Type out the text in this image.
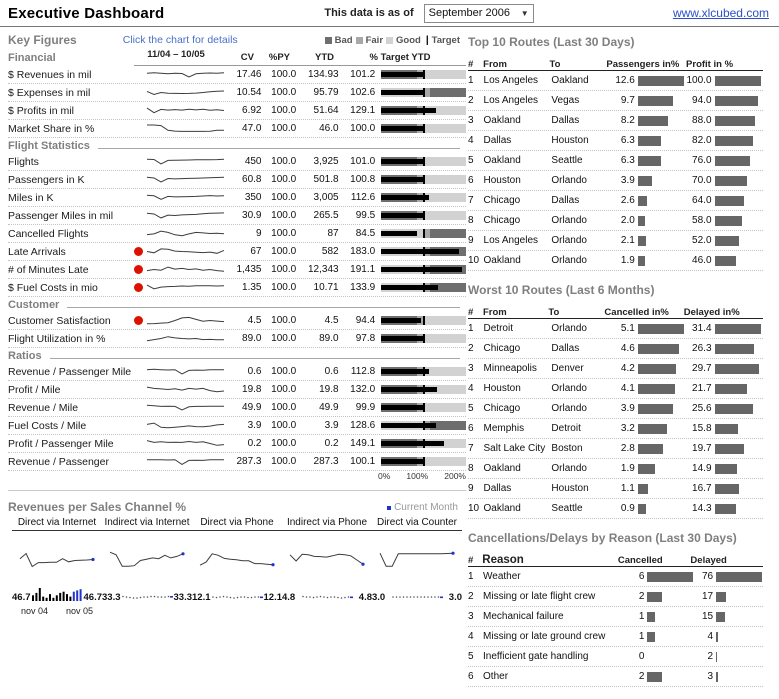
Executive Dashboard	This data is as of September 2006 ▼	www.xlcubed.com
Key Figures	Click the chart for details	Bad Fair Good | Target
Financial	11/04 – 10/05	CV	%PY	YTD	% Target YTD
$ Revenues in mil	17.46 100.0	134.93	101.2
$ Expenses in mil	10.54 100.0	95.79	102.6
$ Profits in mil	6.92 100.0	51.64	129.1
Market Share in %	47.0 100.0	46.0	100.0
Flight Statistics
Flights	450 100.0	3,925	101.0
Passengers in K	60.8 100.0	501.8	100.8
Miles in K	350 100.0	3,005	112.6
Passenger Miles in mil	30.9 100.0	265.5	99.5
Cancelled Flights	9 100.0	87	84.5
Late Arrivals	67 100.0	582	183.0
# of Minutes Late	1,435 100.0	12,343	191.1
$ Fuel Costs in mio	1.35 100.0	10.71	133.9
Customer
Customer Satisfaction	4.5 100.0	4.5	94.4
Flight Utilization in %	89.0 100.0	89.0	97.8
Ratios
Revenue / Passenger Mile	0.6 100.0	0.6	112.8
Profit / Mile	19.8 100.0	19.8	132.0
Revenue / Mile	49.9 100.0	49.9	99.9
Fuel Costs / Mile	3.9 100.0	3.9	128.6
Profit / Passenger Mile	0.2 100.0	0.2	149.1
Revenue / Passenger	287.3 100.0	287.3	100.1
0% 100% 200%
Revenues per Sales Channel %	Current Month
Direct via Internet Indirect via Internet	Direct via Phone	Indirect via Phone Direct via Counter
46.7	46.7
nov 04 nov 05
33.3	33.3 12.1	12.1 4.8	4.8 3.0	3.0
Top 10 Routes (Last 30 Days)
#	From	To	Passengers in% Profit in %
1 Los Angeles	Oakland	12.6	100.0
2 Los Angeles	Vegas	9.7	94.0
3 Oakland	Dallas	8.2	88.0
4 Dallas	Houston	6.3	82.0
5 Oakland	Seattle	6.3	76.0
6 Houston	Orlando	3.9	70.0
7 Chicago	Dallas	2.6	64.0
8 Chicago	Orlando	2.0	58.0
9 Los Angeles	Orlando	2.1	52.0
10 Oakland	Orlando	1.9	46.0
Worst 10 Routes (Last 6 Months)
#	From	To	Cancelled in% Delayed in%
1 Detroit	Orlando	5.1	31.4
2 Chicago	Dallas	4.6	26.3
3 Minneapolis	Denver	4.2	29.7
4 Houston	Orlando	4.1	21.7
5 Chicago	Orlando	3.9	25.6
6 Memphis	Detroit	3.2	15.8
7 Salt Lake City Boston	2.8	19.7
8 Oakland	Orlando	1.9	14.9
9 Dallas	Houston	1.1	16.7
10 Oakland	Seattle	0.9	14.3
Cancellations/Delays by Reason (Last 30 Days)
# Reason	Cancelled	Delayed
1 Weather	6	76
2 Missing or late flight crew	2	17
3 Mechanical failure	1	15
4 Missing or late ground crew	1	4
5 Inefficient gate handling	0	2
6 Other	2	3
